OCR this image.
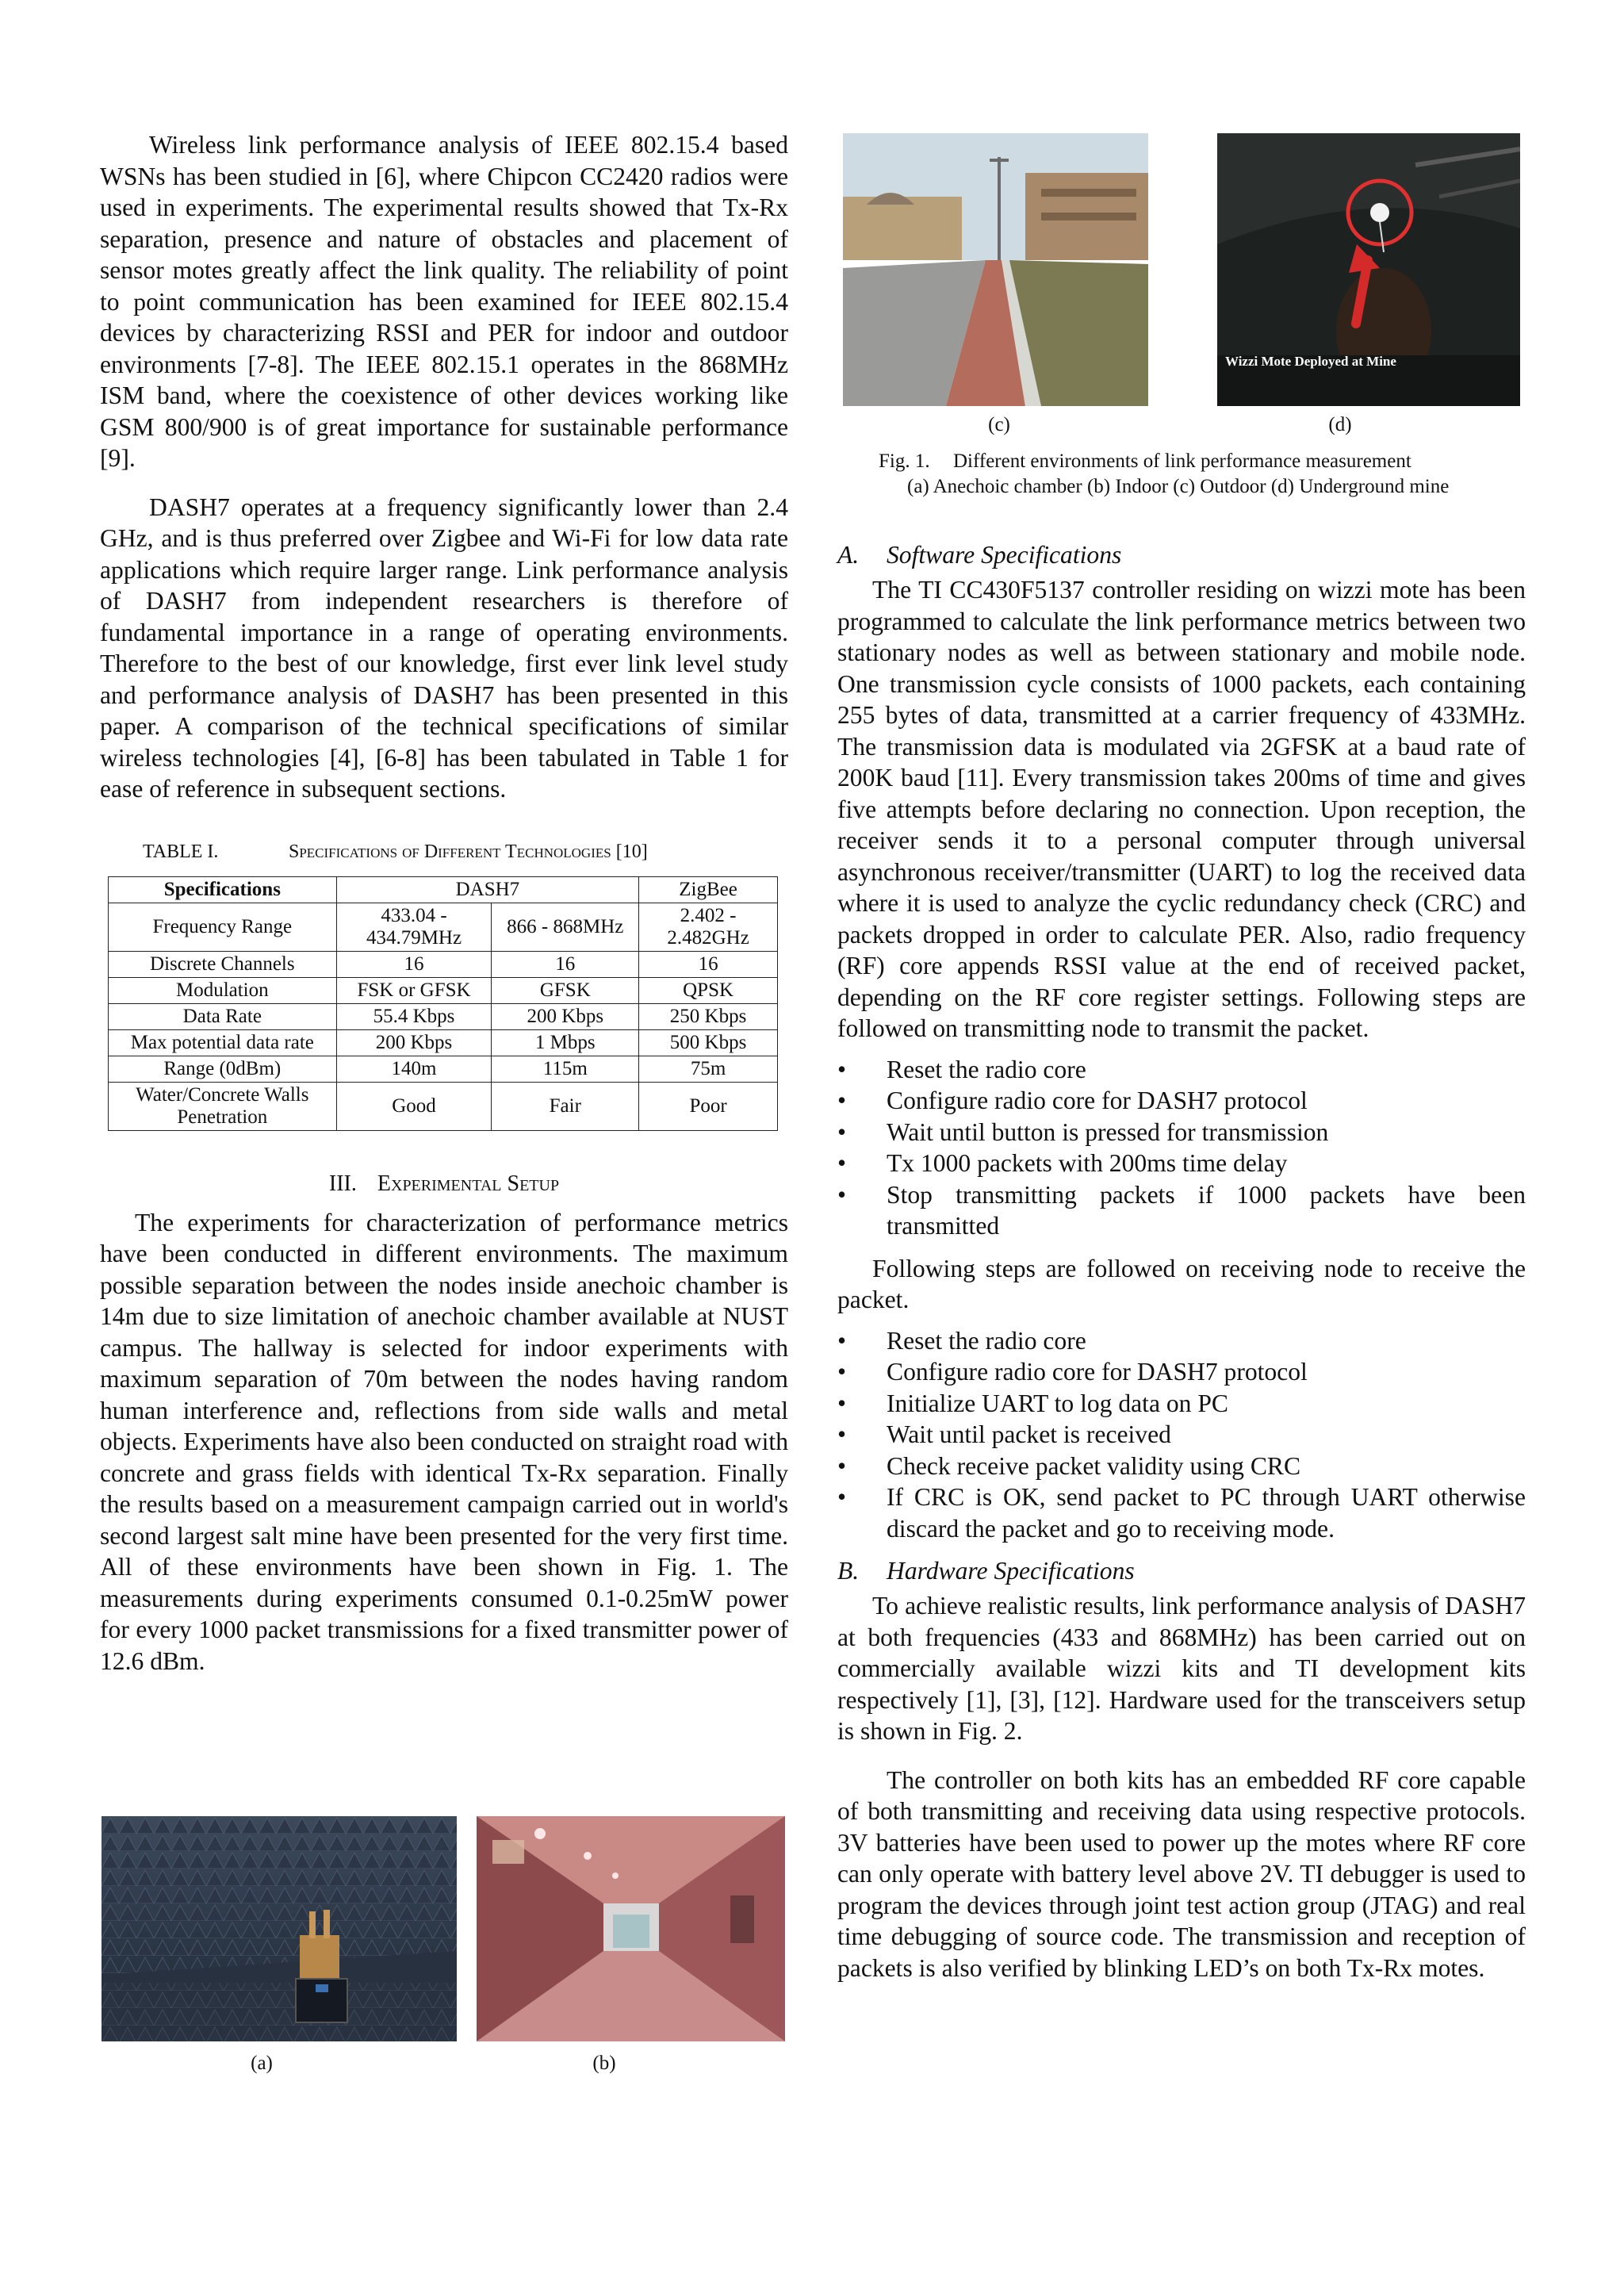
Wireless link performance analysis of IEEE 802.15.4 based WSNs has been studied in [6], where Chipcon CC2420 radios were used in experiments. The experimental results showed that Tx-Rx separation, presence and nature of obstacles and placement of sensor motes greatly affect the link quality. The reliability of point to point communication has been examined for IEEE 802.15.4 devices by characterizing RSSI and PER for indoor and outdoor environments [7-8]. The IEEE 802.15.1 operates in the 868MHz ISM band, where the coexistence of other devices working like GSM 800/900 is of great importance for sustainable performance [9].

DASH7 operates at a frequency significantly lower than 2.4 GHz, and is thus preferred over Zigbee and Wi-Fi for low data rate applications which require larger range. Link performance analysis of DASH7 from independent researchers is therefore of fundamental importance in a range of operating environments. Therefore to the best of our knowledge, first ever link level study and performance analysis of DASH7 has been presented in this paper. A comparison of the technical specifications of similar wireless technologies [4], [6-8] has been tabulated in Table 1 for ease of reference in subsequent sections.

TABLE I.	Specifications of Different Technologies [10]
Specifications	DASH7		ZigBee
Frequency Range	433.04 - 434.79MHz	866 - 868MHz	2.402 - 2.482GHz
Discrete Channels	16	16	16
Modulation	FSK or GFSK	GFSK	QPSK
Data Rate	55.4 Kbps	200 Kbps	250 Kbps
Max potential data rate	200 Kbps	1 Mbps	500 Kbps
Range (0dBm)	140m	115m	75m
Water/Concrete Walls Penetration	Good	Fair	Poor
III. Experimental Setup

The experiments for characterization of performance metrics have been conducted in different environments. The maximum possible separation between the nodes inside anechoic chamber is 14m due to size limitation of anechoic chamber available at NUST campus. The hallway is selected for indoor experiments with maximum separation of 70m between the nodes having random human interference and, reflections from side walls and metal objects. Experiments have also been conducted on straight road with concrete and grass fields with identical Tx-Rx separation. Finally the results based on a measurement campaign carried out in world's second largest salt mine have been presented for the very first time. All of these environments have been shown in Fig. 1. The measurements during experiments consumed 0.1-0.25mW power for every 1000 packet transmissions for a fixed transmitter power of 12.6 dBm.

(a)	(b)
(c)
Wizzi Mote Deployed at Mine
(d)
Fig. 1. Different environments of link performance measurement
(a) Anechoic chamber (b) Indoor (c) Outdoor (d) Underground mine
A. Software Specifications

The TI CC430F5137 controller residing on wizzi mote has been programmed to calculate the link performance metrics between two stationary nodes as well as between stationary and mobile node. One transmission cycle consists of 1000 packets, each containing 255 bytes of data, transmitted at a carrier frequency of 433MHz. The transmission data is modulated via 2GFSK at a baud rate of 200K baud [11]. Every transmission takes 200ms of time and gives five attempts before declaring no connection. Upon reception, the receiver sends it to a personal computer through universal asynchronous receiver/transmitter (UART) to log the received data where it is used to analyze the cyclic redundancy check (CRC) and packets dropped in order to calculate PER. Also, radio frequency (RF) core appends RSSI value at the end of received packet, depending on the RF core register settings. Following steps are followed on transmitting node to transmit the packet.

• Reset the radio core
• Configure radio core for DASH7 protocol
• Wait until button is pressed for transmission
• Tx 1000 packets with 200ms time delay
• Stop transmitting packets if 1000 packets have been transmitted

Following steps are followed on receiving node to receive the packet.

• Reset the radio core
• Configure radio core for DASH7 protocol
• Initialize UART to log data on PC
• Wait until packet is received
• Check receive packet validity using CRC
• If CRC is OK, send packet to PC through UART otherwise discard the packet and go to receiving mode.
B. Hardware Specifications

To achieve realistic results, link performance analysis of DASH7 at both frequencies (433 and 868MHz) has been carried out on commercially available wizzi kits and TI development kits respectively [1], [3], [12]. Hardware used for the transceivers setup is shown in Fig. 2.

The controller on both kits has an embedded RF core capable of both transmitting and receiving data using respective protocols. 3V batteries have been used to power up the motes where RF core can only operate with battery level above 2V. TI debugger is used to program the devices through joint test action group (JTAG) and real time debugging of source code. The transmission and reception of packets is also verified by blinking LED’s on both Tx-Rx motes.
